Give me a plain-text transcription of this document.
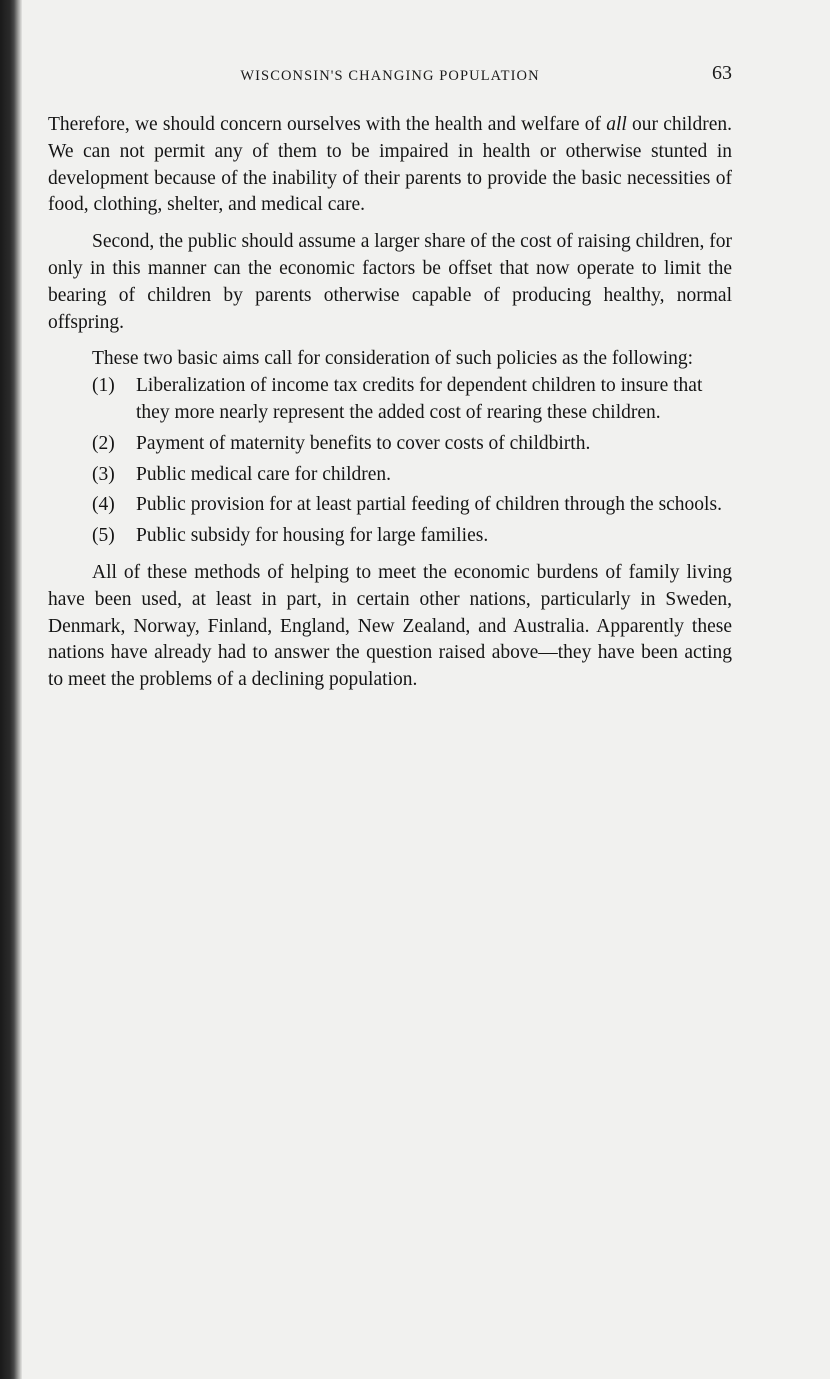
WISCONSIN'S CHANGING POPULATION	63

Therefore, we should concern ourselves with the health and welfare of all our children. We can not permit any of them to be impaired in health or otherwise stunted in development because of the inability of their parents to provide the basic necessities of food, clothing, shelter, and medical care.

Second, the public should assume a larger share of the cost of raising children, for only in this manner can the economic factors be offset that now operate to limit the bearing of children by parents otherwise capable of producing healthy, normal offspring.

These two basic aims call for consideration of such policies as the following:

(1) Liberalization of income tax credits for dependent children to insure that they more nearly represent the added cost of rearing these children.
(2) Payment of maternity benefits to cover costs of childbirth.
(3) Public medical care for children.
(4) Public provision for at least partial feeding of children through the schools.
(5) Public subsidy for housing for large families.

All of these methods of helping to meet the economic burdens of family living have been used, at least in part, in certain other nations, particularly in Sweden, Denmark, Norway, Finland, England, New Zealand, and Australia. Apparently these nations have already had to answer the question raised above—they have been acting to meet the problems of a declining population.
